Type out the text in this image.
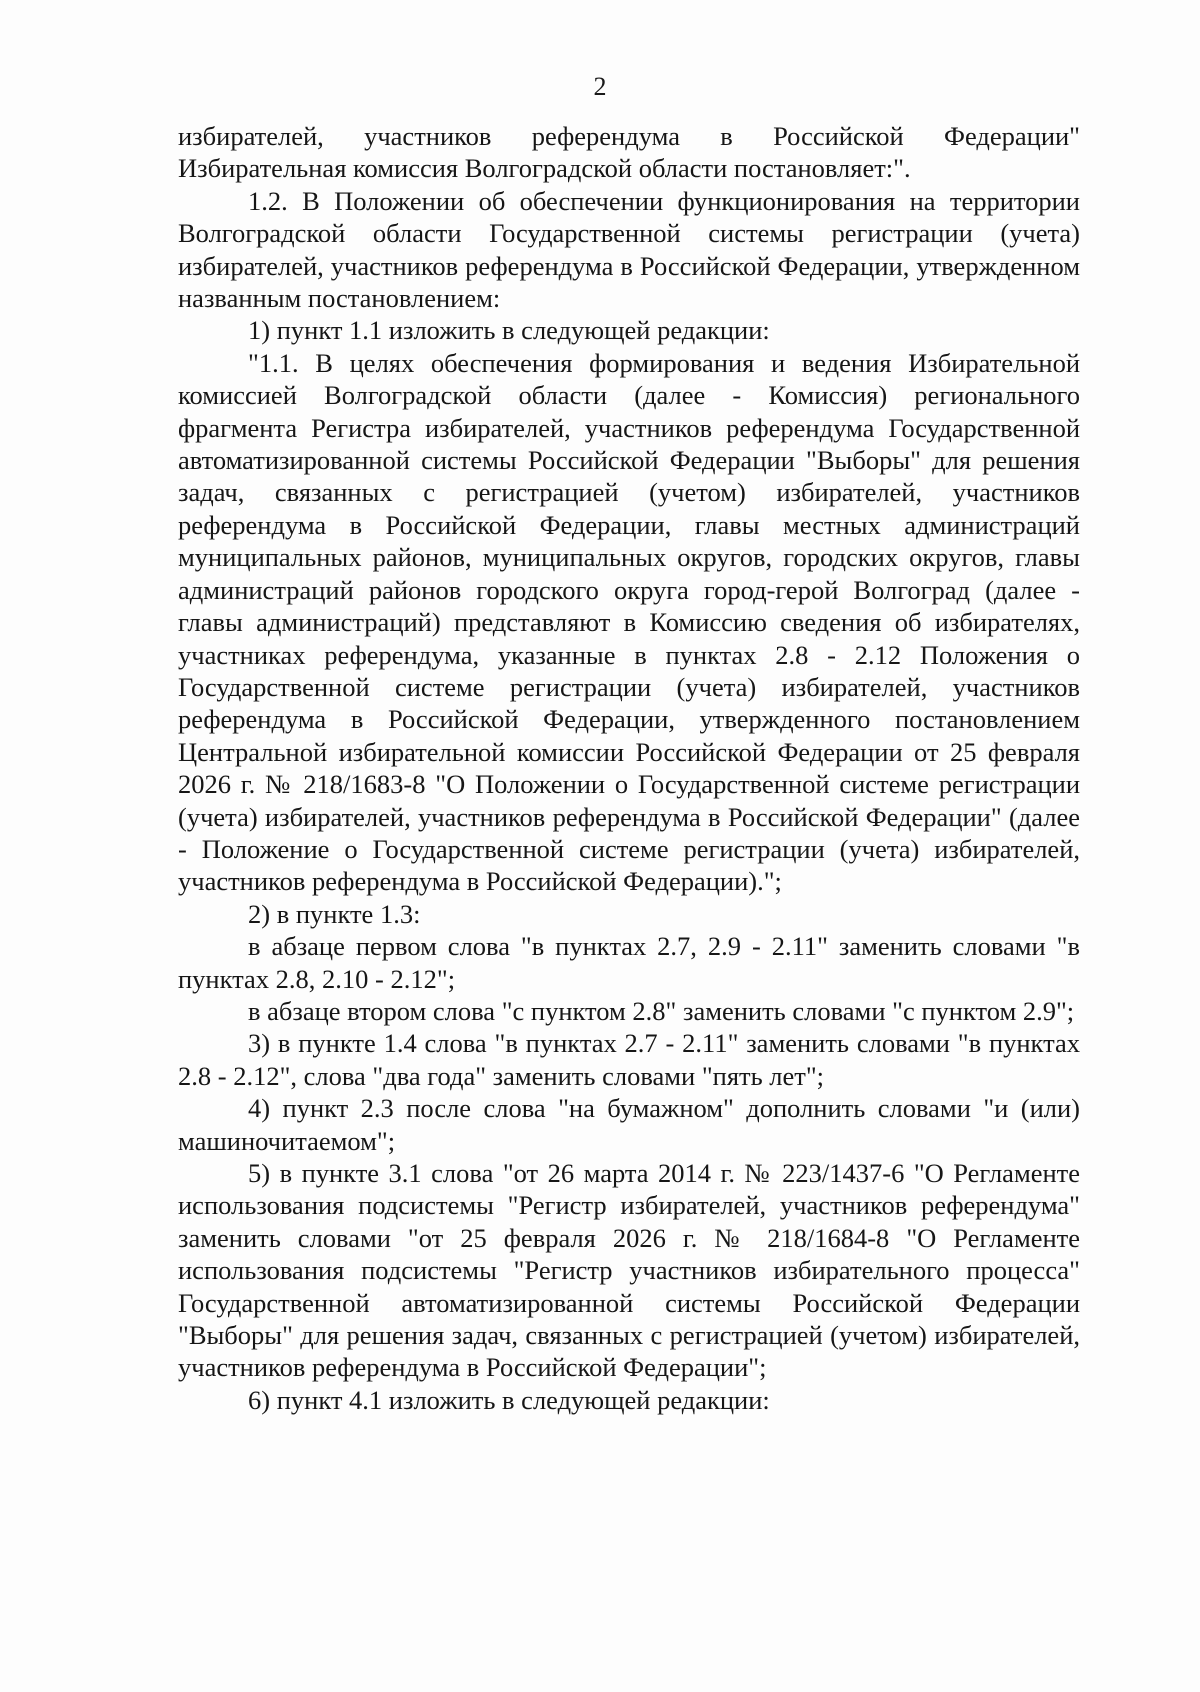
2

избирателей, участников референдума в Российской Федерации" Избирательная комиссия Волгоградской области постановляет:".

1.2. В Положении об обеспечении функционирования на территории Волгоградской области Государственной системы регистрации (учета) избирателей, участников референдума в Российской Федерации, утвержденном названным постановлением:

1) пункт 1.1 изложить в следующей редакции:

"1.1. В целях обеспечения формирования и ведения Избирательной комиссией Волгоградской области (далее - Комиссия) регионального фрагмента Регистра избирателей, участников референдума Государственной автоматизированной системы Российской Федерации "Выборы" для решения задач, связанных с регистрацией (учетом) избирателей, участников референдума в Российской Федерации, главы местных администраций муниципальных районов, муниципальных округов, городских округов, главы администраций районов городского округа город-герой Волгоград (далее - главы администраций) представляют в Комиссию сведения об избирателях, участниках референдума, указанные в пунктах 2.8 - 2.12 Положения о Государственной системе регистрации (учета) избирателей, участников референдума в Российской Федерации, утвержденного постановлением Центральной избирательной комиссии Российской Федерации от 25 февраля 2026 г. № 218/1683-8 "О Положении о Государственной системе регистрации (учета) избирателей, участников референдума в Российской Федерации" (далее - Положение о Государственной системе регистрации (учета) избирателей, участников референдума в Российской Федерации).";

2) в пункте 1.3:

в абзаце первом слова "в пунктах 2.7, 2.9 - 2.11" заменить словами "в пунктах 2.8, 2.10 - 2.12";

в абзаце втором слова "с пунктом 2.8" заменить словами "с пунктом 2.9";

3) в пункте 1.4 слова "в пунктах 2.7 - 2.11" заменить словами "в пунктах 2.8 - 2.12", слова "два года" заменить словами "пять лет";

4) пункт 2.3 после слова "на бумажном" дополнить словами "и (или) машиночитаемом";

5) в пункте 3.1 слова "от 26 марта 2014 г. № 223/1437-6 "О Регламенте использования подсистемы "Регистр избирателей, участников референдума" заменить словами "от 25 февраля 2026 г. № 218/1684-8 "О Регламенте использования подсистемы "Регистр участников избирательного процесса" Государственной автоматизированной системы Российской Федерации "Выборы" для решения задач, связанных с регистрацией (учетом) избирателей, участников референдума в Российской Федерации";

6) пункт 4.1 изложить в следующей редакции:
